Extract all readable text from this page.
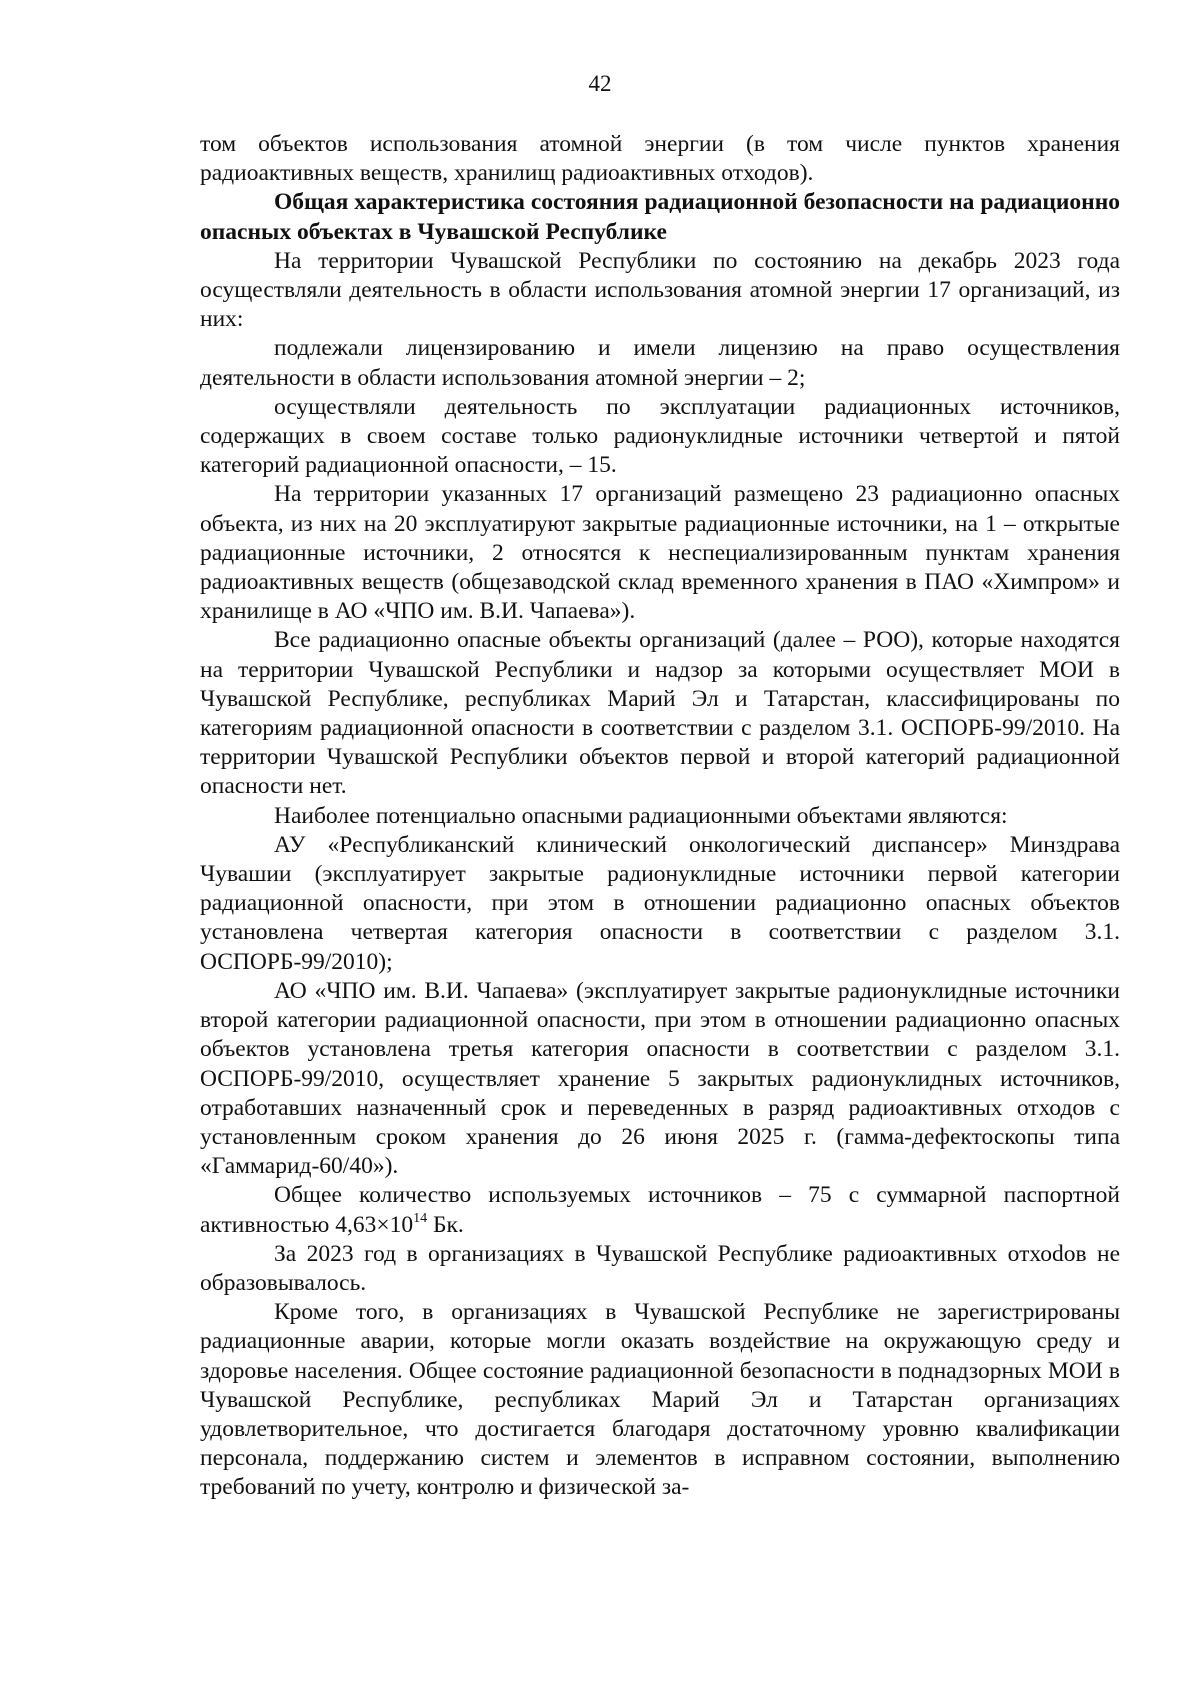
42

том объектов использования атомной энергии (в том числе пунктов хранения радиоактивных веществ, хранилищ радиоактивных отходов).

Общая характеристика состояния радиационной безопасности на радиационно опасных объектах в Чувашской Республике

На территории Чувашской Республики по состоянию на декабрь 2023 года осуществляли деятельность в области использования атомной энергии 17 организаций, из них:

подлежали лицензированию и имели лицензию на право осуществления деятельности в области использования атомной энергии – 2;

осуществляли деятельность по эксплуатации радиационных источников, содержащих в своем составе только радионуклидные источники четвертой и пятой категорий радиационной опасности, – 15.

На территории указанных 17 организаций размещено 23 радиационно опасных объекта, из них на 20 эксплуатируют закрытые радиационные источники, на 1 – открытые радиационные источники, 2 относятся к неспециализированным пунктам хранения радиоактивных веществ (общезаводской склад временного хранения в ПАО «Химпром» и хранилище в АО «ЧПО им. В.И. Чапаева»).

Все радиационно опасные объекты организаций (далее – РОО), которые находятся на территории Чувашской Республики и надзор за которыми осуществляет МОИ в Чувашской Республике, республиках Марий Эл и Татарстан, классифицированы по категориям радиационной опасности в соответствии с разделом 3.1. ОСПОРБ-99/2010. На территории Чувашской Республики объектов первой и второй категорий радиационной опасности нет.

Наиболее потенциально опасными радиационными объектами являются:

АУ «Республиканский клинический онкологический диспансер» Минздрава Чувашии (эксплуатирует закрытые радионуклидные источники первой категории радиационной опасности, при этом в отношении радиационно опасных объектов установлена четвертая категория опасности в соответствии с разделом 3.1. ОСПОРБ-99/2010);

АО «ЧПО им. В.И. Чапаева» (эксплуатирует закрытые радионуклидные источники второй категории радиационной опасности, при этом в отношении радиационно опасных объектов установлена третья категория опасности в соответствии с разделом 3.1. ОСПОРБ-99/2010, осуществляет хранение 5 закрытых радионуклидных источников, отработавших назначенный срок и переведенных в разряд радиоактивных отходов с установленным сроком хранения до 26 июня 2025 г. (гамма-дефектоскопы типа «Гаммарид-60/40»).

Общее количество используемых источников – 75 с суммарной паспортной активностью $4,63\times 10^{14}$ Бк.

За 2023 год в организациях в Чувашской Республике радиоактивных отхоdов не образовывалось.

Кроме того, в организациях в Чувашской Республике не зарегистрированы радиационные аварии, которые могли оказать воздействие на окружающую среду и здоровье населения. Общее состояние радиационной безопасности в поднадзорных МОИ в Чувашской Республике, республиках Марий Эл и Татарстан организациях удовлетворительное, что достигается благодаря достаточному уровню квалификации персонала, поддержанию систем и элементов в исправном состоянии, выполнению требований по учету, контролю и физической за-
